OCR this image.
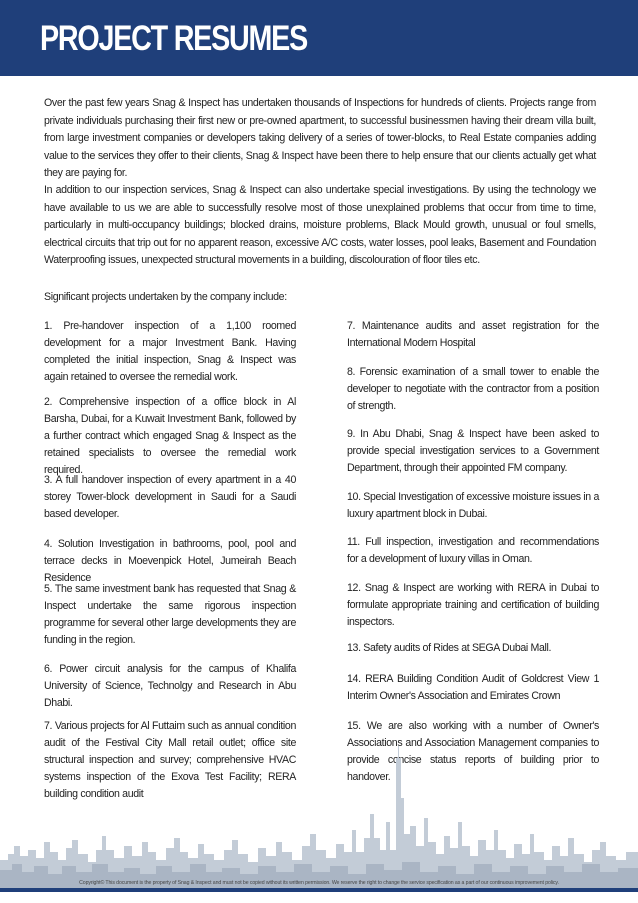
PROJECT RESUMES

Over the past few years Snag & Inspect has undertaken thousands of Inspections for hundreds of clients. Projects range from private individuals purchasing their first new or pre-owned apartment, to successful businessmen having their dream villa built, from large investment companies or developers taking delivery of a series of tower-blocks, to Real Estate companies adding value to the services they offer to their clients, Snag & Inspect have been there to help ensure that our clients actually get what they are paying for.

In addition to our inspection services, Snag & Inspect can also undertake special investigations. By using the technology we have available to us we are able to successfully resolve most of those unexplained problems that occur from time to time, particularly in multi-occupancy buildings; blocked drains, moisture problems, Black Mould growth, unusual or foul smells, electrical circuits that trip out for no apparent reason, excessive A/C costs, water losses, pool leaks, Basement and Foundation Waterproofing issues, unexpected structural movements in a building, discolouration of floor tiles etc.

Significant projects undertaken by the company include:

1. Pre-handover inspection of a 1,100 roomed development for a major Investment Bank. Having completed the initial inspection, Snag & Inspect was again retained to oversee the remedial work.

2. Comprehensive inspection of a office block in Al Barsha, Dubai, for a Kuwait Investment Bank, followed by a further contract which engaged Snag & Inspect as the retained specialists to oversee the remedial work required.

3. A full handover inspection of every apartment in a 40 storey Tower-block development in Saudi for a Saudi based developer.

4. Solution Investigation in bathrooms, pool, pool and terrace decks in Moevenpick Hotel, Jumeirah Beach Residence

5. The same investment bank has requested that Snag & Inspect undertake the same rigorous inspection programme for several other large developments they are funding in the region.

6. Power circuit analysis for the campus of Khalifa University of Science, Technolgy and Research in Abu Dhabi.

7. Various projects for Al Futtaim such as annual condition audit of the Festival City Mall retail outlet; office site structural inspection and survey; comprehensive HVAC systems inspection of the Exova Test Facility; RERA building condition audit

7. Maintenance audits and asset registration for the International Modern Hospital

8. Forensic examination of a small tower to enable the developer to negotiate with the contractor from a position of strength.

9. In Abu Dhabi, Snag & Inspect have been asked to provide special investigation services to a Government Department, through their appointed FM company.

10. Special Investigation of excessive moisture issues in a luxury apartment block in Dubai.

11. Full inspection, investigation and recommendations for a development of luxury villas in Oman.

12. Snag & Inspect are working with RERA in Dubai to formulate appropriate training and certification of building inspectors.

13. Safety audits of Rides at SEGA Dubai Mall.

14. RERA Building Condition Audit of Goldcrest View 1 Interim Owner's Association and Emirates Crown

15. We are also working with a number of Owner's Associations and Association Management companies to provide concise status reports of building prior to handover.

Copyright© This document is the property of Snag & Inspect and must not be copied without its written permission. We reserve the right to change the service specification as a part of our continuous improvement policy.
